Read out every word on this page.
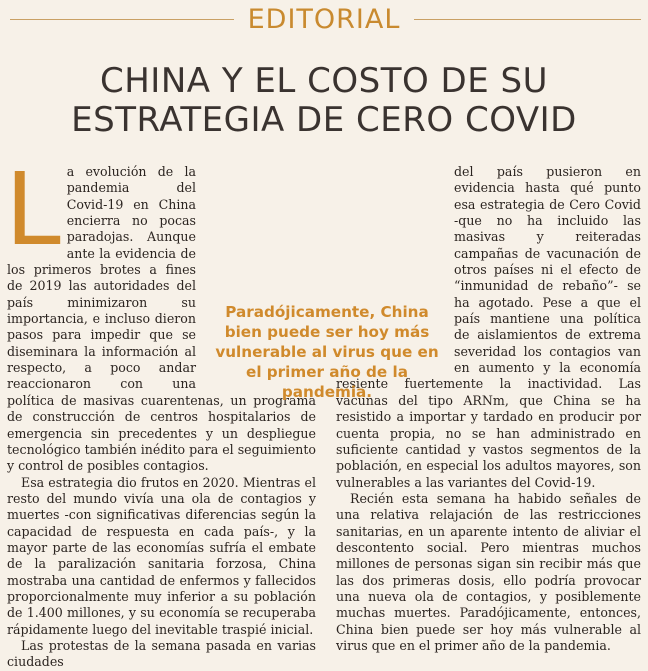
EDITORIAL
CHINA Y EL COSTO DE SU ESTRATEGIA DE CERO COVID
L a evolución de la pandemia del Covid-19 en China encierra no pocas paradojas. Aunque ante la evidencia de los primeros brotes a fines de 2019 las autoridades del país minimizaron su importancia, e incluso dieron pasos para impedir que se diseminara la información al respecto, a poco andar reaccionaron con una política de masivas cuarentenas, un programa de construcción de centros hospitalarios de emergencia sin precedentes y un despliegue tecnológico también inédito para el seguimiento y control de posibles contagios.

Esa estrategia dio frutos en 2020. Mientras el resto del mundo vivía una ola de contagios y muertes -con significativas diferencias según la capacidad de respuesta en cada país-, y la mayor parte de las economías sufría el embate de la paralización sanitaria forzosa, China mostraba una cantidad de enfermos y fallecidos proporcionalmente muy inferior a su población de 1.400 millones, y su economía se recuperaba rápidamente luego del inevitable traspié inicial.

Las protestas de la semana pasada en varias ciudades

del país pusieron en evidencia hasta qué punto esa estrategia de Cero Covid -que no ha incluido las masivas y reiteradas campañas de vacunación de otros países ni el efecto de “inmunidad de rebaño”- se ha agotado. Pese a que el país mantiene una política de aislamientos de extrema severidad los contagios van en aumento y la economía resiente fuertemente la inactividad. Las vacunas del tipo ARNm, que China se ha resistido a importar y tardado en producir por cuenta propia, no se han administrado en suficiente cantidad y vastos segmentos de la población, en especial los adultos mayores, son vulnerables a las variantes del Covid-19.

Recién esta semana ha habido señales de una relativa relajación de las restricciones sanitarias, en un aparente intento de aliviar el descontento social. Pero mientras muchos millones de personas sigan sin recibir más que las dos primeras dosis, ello podría provocar una nueva ola de contagios, y posiblemente muchas muertes. Paradójicamente, entonces, China bien puede ser hoy más vulnerable al virus que en el primer año de la pandemia.

Paradójicamente, China bien puede ser hoy más vulnerable al virus que en el primer año de la pandemia.
